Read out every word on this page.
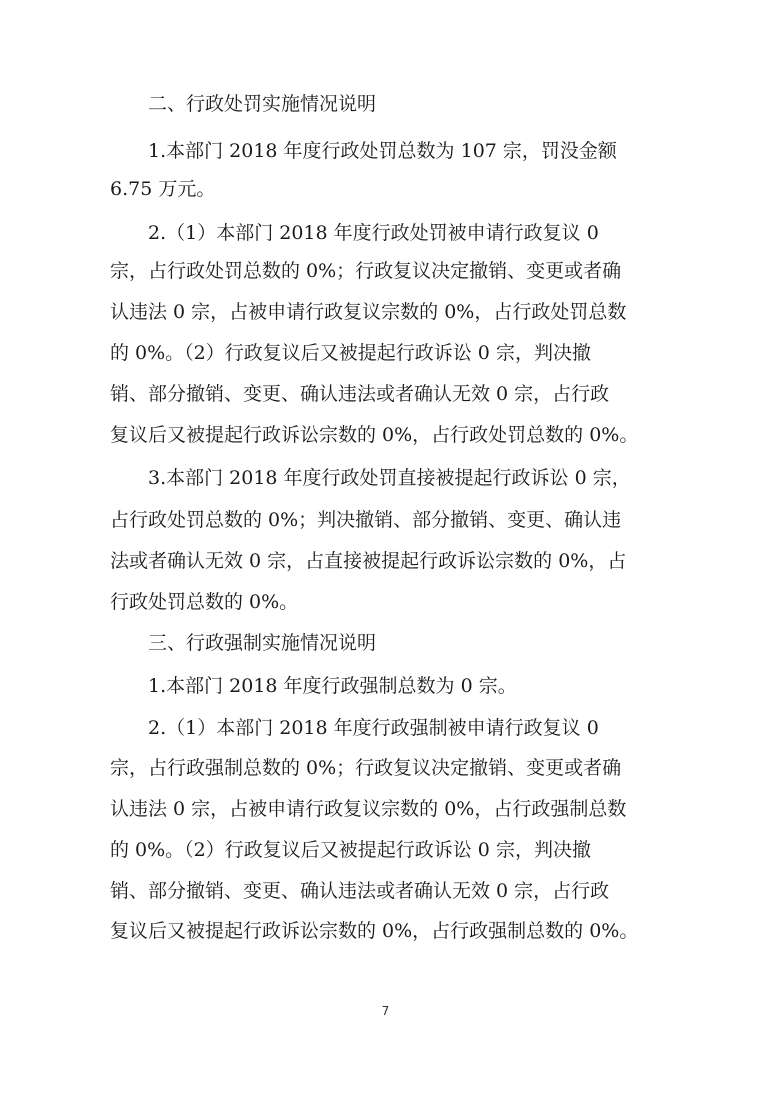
二、行政处罚实施情况说明
1.本部门 2018 年度行政处罚总数为 107 宗，罚没金额
6.75 万元。
2.（1）本部门 2018 年度行政处罚被申请行政复议 0
宗，占行政处罚总数的 0%；行政复议决定撤销、变更或者确
认违法 0 宗，占被申请行政复议宗数的 0%，占行政处罚总数
的 0%。（2）行政复议后又被提起行政诉讼 0 宗，判决撤
销、部分撤销、变更、确认违法或者确认无效 0 宗，占行政
复议后又被提起行政诉讼宗数的 0%，占行政处罚总数的 0%。
3.本部门 2018 年度行政处罚直接被提起行政诉讼 0 宗，
占行政处罚总数的 0%；判决撤销、部分撤销、变更、确认违
法或者确认无效 0 宗，占直接被提起行政诉讼宗数的 0%，占
行政处罚总数的 0%。
三、行政强制实施情况说明
1.本部门 2018 年度行政强制总数为 0 宗。
2.（1）本部门 2018 年度行政强制被申请行政复议 0
宗，占行政强制总数的 0%；行政复议决定撤销、变更或者确
认违法 0 宗，占被申请行政复议宗数的 0%，占行政强制总数
的 0%。（2）行政复议后又被提起行政诉讼 0 宗，判决撤
销、部分撤销、变更、确认违法或者确认无效 0 宗，占行政
复议后又被提起行政诉讼宗数的 0%，占行政强制总数的 0%。
7
